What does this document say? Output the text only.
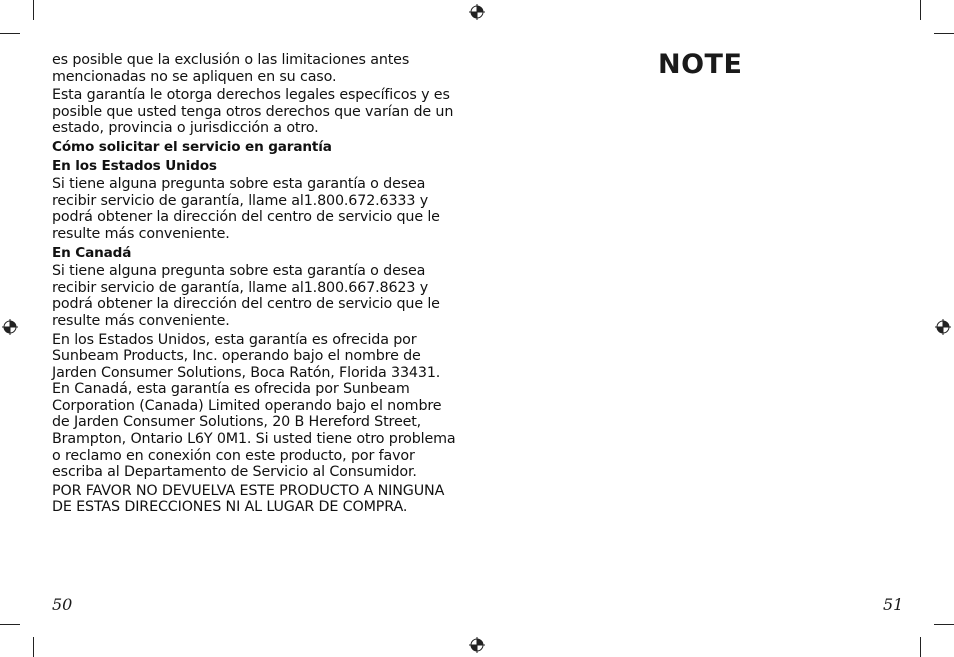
es posible que la exclusión o las limitaciones antes mencionadas no se apliquen en su caso.

Esta garantía le otorga derechos legales específicos y es posible que usted tenga otros derechos que varían de un estado, provincia o jurisdicción a otro.

Cómo solicitar el servicio en garantía

En los Estados Unidos

Si tiene alguna pregunta sobre esta garantía o desea recibir servicio de garantía, llame al1.800.672.6333 y podrá obtener la dirección del centro de servicio que le resulte más conveniente.

En Canadá

Si tiene alguna pregunta sobre esta garantía o desea recibir servicio de garantía, llame al1.800.667.8623 y podrá obtener la dirección del centro de servicio que le resulte más conveniente.

En los Estados Unidos, esta garantía es ofrecida por Sunbeam Products, Inc. operando bajo el nombre de Jarden Consumer Solutions, Boca Ratón, Florida 33431. En Canadá, esta garantía es ofrecida por Sunbeam Corporation (Canada) Limited operando bajo el nombre de Jarden Consumer Solutions, 20 B Hereford Street, Brampton, Ontario L6Y 0M1. Si usted tiene otro problema o reclamo en conexión con este producto, por favor escriba al Departamento de Servicio al Consumidor.

POR FAVOR NO DEVUELVA ESTE PRODUCTO A NINGUNA DE ESTAS DIRECCIONES NI AL LUGAR DE COMPRA.

NOTE
50	51
